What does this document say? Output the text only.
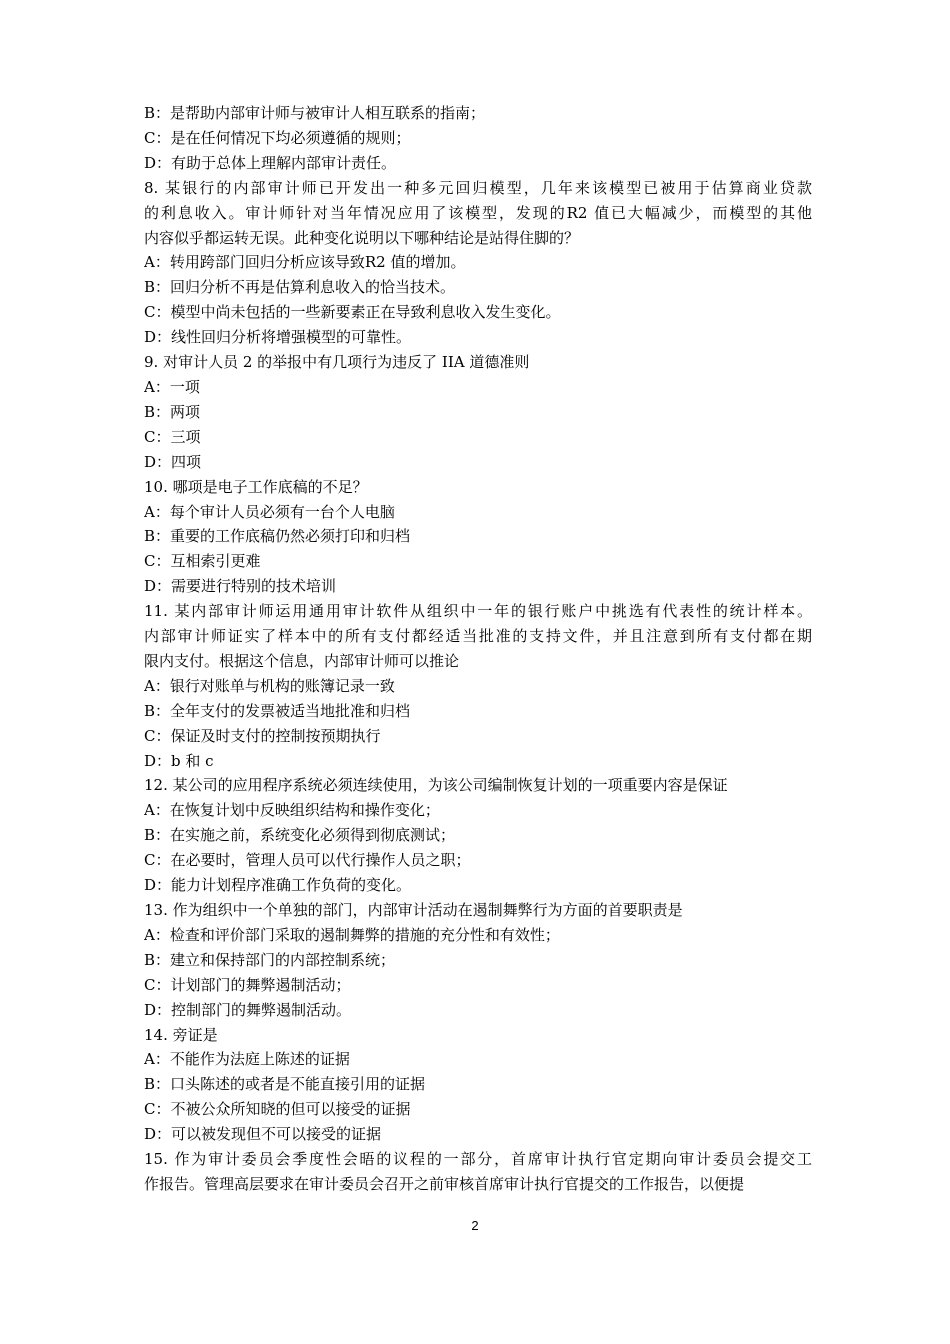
B：是帮助内部审计师与被审计人相互联系的指南；
C：是在任何情况下均必须遵循的规则；
D：有助于总体上理解内部审计责任。
8. 某银行的内部审计师已开发出一种多元回归模型，几年来该模型已被用于估算商业贷款
的利息收入。审计师针对当年情况应用了该模型，发现的R2 值已大幅减少，而模型的其他
内容似乎都运转无误。此种变化说明以下哪种结论是站得住脚的？
A：转用跨部门回归分析应该导致R2 值的增加。
B：回归分析不再是估算利息收入的恰当技术。
C：模型中尚未包括的一些新要素正在导致利息收入发生变化。
D：线性回归分析将增强模型的可靠性。
9. 对审计人员 2 的举报中有几项行为违反了 IIA 道德准则
A：一项
B：两项
C：三项
D：四项
10. 哪项是电子工作底稿的不足？
A：每个审计人员必须有一台个人电脑
B：重要的工作底稿仍然必须打印和归档
C：互相索引更难
D：需要进行特别的技术培训
11. 某内部审计师运用通用审计软件从组织中一年的银行账户中挑选有代表性的统计样本。
内部审计师证实了样本中的所有支付都经适当批准的支持文件，并且注意到所有支付都在期
限内支付。根据这个信息，内部审计师可以推论
A：银行对账单与机构的账簿记录一致
B：全年支付的发票被适当地批准和归档
C：保证及时支付的控制按预期执行
D：b 和 c
12. 某公司的应用程序系统必须连续使用，为该公司编制恢复计划的一项重要内容是保证
A：在恢复计划中反映组织结构和操作变化；
B：在实施之前，系统变化必须得到彻底测试；
C：在必要时，管理人员可以代行操作人员之职；
D：能力计划程序准确工作负荷的变化。
13. 作为组织中一个单独的部门，内部审计活动在遏制舞弊行为方面的首要职责是
A：检查和评价部门采取的遏制舞弊的措施的充分性和有效性；
B：建立和保持部门的内部控制系统；
C：计划部门的舞弊遏制活动；
D：控制部门的舞弊遏制活动。
14. 旁证是
A：不能作为法庭上陈述的证据
B：口头陈述的或者是不能直接引用的证据
C：不被公众所知晓的但可以接受的证据
D：可以被发现但不可以接受的证据
15. 作为审计委员会季度性会晤的议程的一部分，首席审计执行官定期向审计委员会提交工
作报告。管理高层要求在审计委员会召开之前审核首席审计执行官提交的工作报告，以便提
2
